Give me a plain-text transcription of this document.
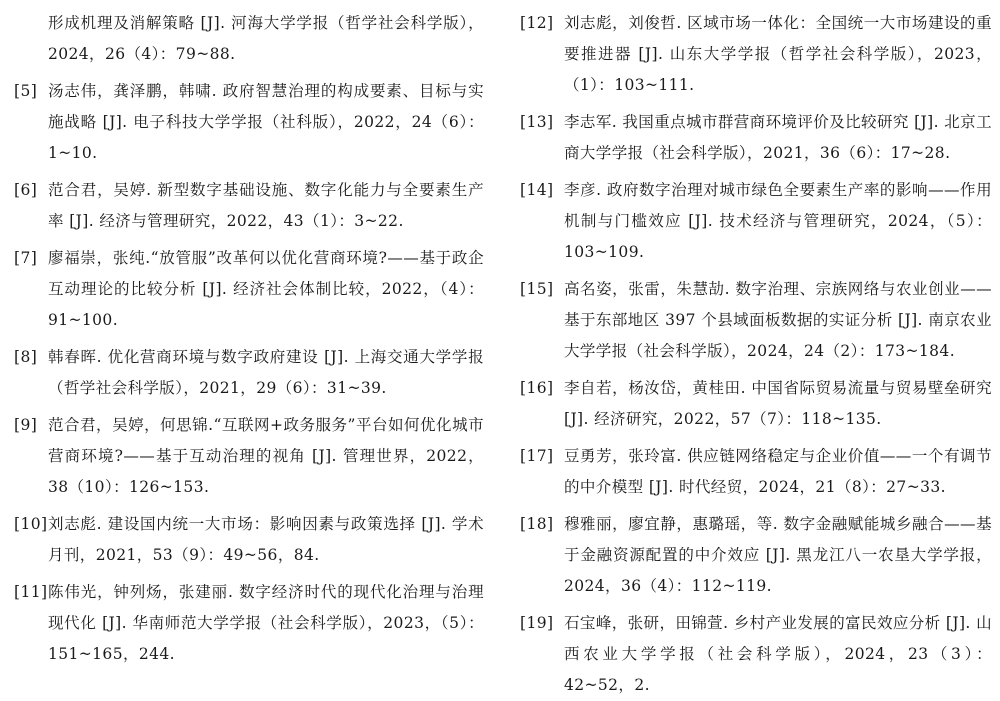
形成机理及消解策略 [J]. 河海大学学报（哲学社会科学版），2024，26（4）：79~88.

[5] 汤志伟，龚泽鹏，韩啸. 政府智慧治理的构成要素、目标与实施战略 [J]. 电子科技大学学报（社科版），2022，24（6）：1~10.

[6] 范合君，吴婷. 新型数字基础设施、数字化能力与全要素生产率 [J]. 经济与管理研究，2022，43（1）：3~22.

[7] 廖福崇，张纯.“放管服”改革何以优化营商环境?——基于政企互动理论的比较分析 [J]. 经济社会体制比较，2022，（4）：91~100.

[8] 韩春晖. 优化营商环境与数字政府建设 [J]. 上海交通大学学报（哲学社会科学版），2021，29（6）：31~39.

[9] 范合君，吴婷，何思锦.“互联网+政务服务”平台如何优化城市营商环境?——基于互动治理的视角 [J]. 管理世界，2022，38（10）：126~153.

[10] 刘志彪. 建设国内统一大市场：影响因素与政策选择 [J]. 学术月刊，2021，53（9）：49~56，84.

[11] 陈伟光，钟列炀，张建丽. 数字经济时代的现代化治理与治理现代化 [J]. 华南师范大学学报（社会科学版），2023，（5）：151~165，244.

[12] 刘志彪，刘俊哲. 区域市场一体化：全国统一大市场建设的重要推进器 [J]. 山东大学学报（哲学社会科学版），2023，（1）：103~111.

[13] 李志军. 我国重点城市群营商环境评价及比较研究 [J]. 北京工商大学学报（社会科学版），2021，36（6）：17~28.

[14] 李彦. 政府数字治理对城市绿色全要素生产率的影响——作用机制与门槛效应 [J]. 技术经济与管理研究，2024，（5）：103~109.

[15] 高名姿，张雷，朱慧劼. 数字治理、宗族网络与农业创业——基于东部地区 397 个县域面板数据的实证分析 [J]. 南京农业大学学报（社会科学版），2024，24（2）：173~184.

[16] 李自若，杨汝岱，黄桂田. 中国省际贸易流量与贸易壁垒研究 [J]. 经济研究，2022，57（7）：118~135.

[17] 豆勇芳，张玲富. 供应链网络稳定与企业价值——一个有调节的中介模型 [J]. 时代经贸，2024，21（8）：27~33.

[18] 穆雅丽，廖宜静，惠璐瑶，等. 数字金融赋能城乡融合——基于金融资源配置的中介效应 [J]. 黑龙江八一农垦大学学报，2024，36（4）：112~119.

[19] 石宝峰，张研，田锦萱. 乡村产业发展的富民效应分析 [J]. 山西农业大学学报（社会科学版），2024，23（3）：42~52，2.
